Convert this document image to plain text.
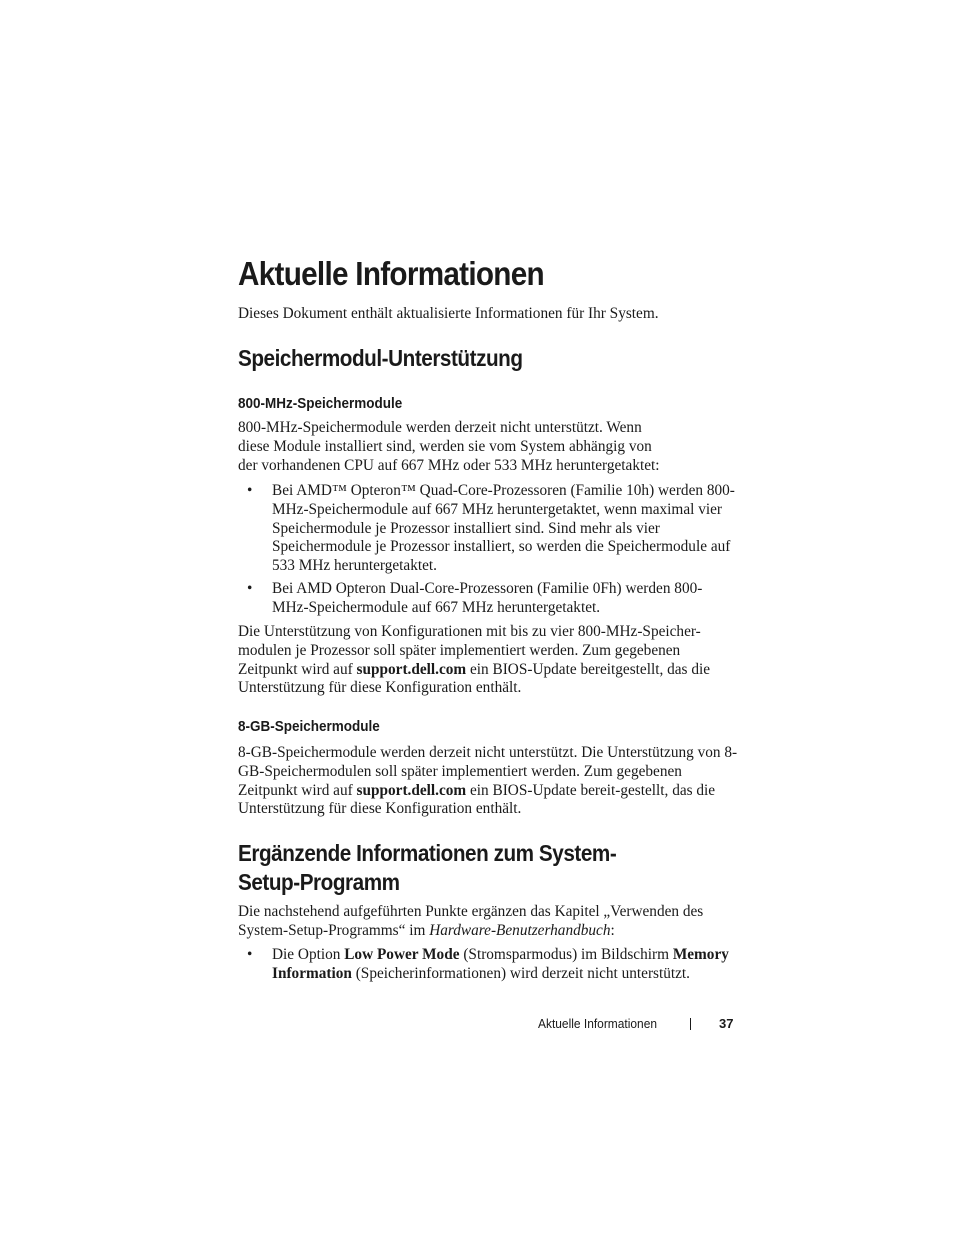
Aktuelle Informationen

Dieses Dokument enthält aktualisierte Informationen für Ihr System.

Speichermodul-Unterstützung
800-MHz-Speichermodule

800-MHz-Speichermodule werden derzeit nicht unterstützt. Wenn
diese Module installiert sind, werden sie vom System abhängig von
der vorhandenen CPU auf 667 MHz oder 533 MHz heruntergetaktet:

• Bei AMD™ Opteron™ Quad-Core-Prozessoren (Familie 10h) werden 800-MHz-Speichermodule auf 667 MHz heruntergetaktet, wenn maximal vier Speichermodule je Prozessor installiert sind. Sind mehr als vier Speichermodule je Prozessor installiert, so werden die Speichermodule auf 533 MHz heruntergetaktet.
• Bei AMD Opteron Dual-Core-Prozessoren (Familie 0Fh) werden 800-MHz-Speichermodule auf 667 MHz heruntergetaktet.

Die Unterstützung von Konfigurationen mit bis zu vier 800-MHz-Speicher-modulen je Prozessor soll später implementiert werden. Zum gegebenen Zeitpunkt wird auf support.dell.com ein BIOS-Update bereitgestellt, das die Unterstützung für diese Konfiguration enthält.

8-GB-Speichermodule

8-GB-Speichermodule werden derzeit nicht unterstützt. Die Unterstützung von 8-GB-Speichermodulen soll später implementiert werden. Zum gegebenen Zeitpunkt wird auf support.dell.com ein BIOS-Update bereit-gestellt, das die Unterstützung für diese Konfiguration enthält.

Ergänzende Informationen zum System-
Setup-Programm

Die nachstehend aufgeführten Punkte ergänzen das Kapitel „Verwenden des System-Setup-Programms“ im Hardware-Benutzerhandbuch:

• Die Option Low Power Mode (Stromsparmodus) im Bildschirm Memory Information (Speicherinformationen) wird derzeit nicht unterstützt.
Aktuelle Informationen	37
